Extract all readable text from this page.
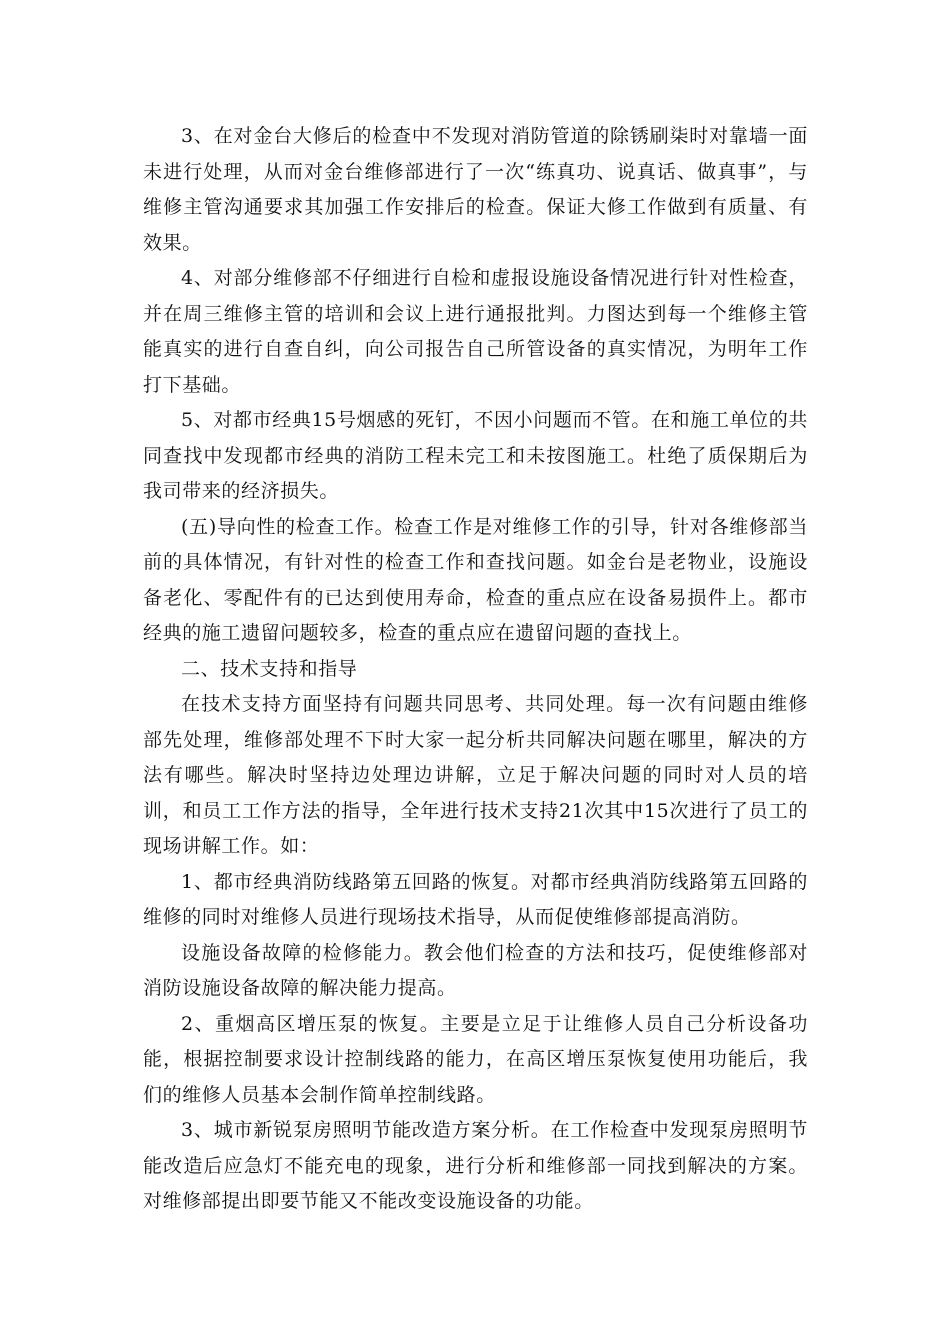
3、在对金台大修后的检查中不发现对消防管道的除锈刷柒时对靠墙一面未进行处理，从而对金台维修部进行了一次“练真功、说真话、做真事”，与维修主管沟通要求其加强工作安排后的检查。保证大修工作做到有质量、有效果。

4、对部分维修部不仔细进行自检和虚报设施设备情况进行针对性检查，并在周三维修主管的培训和会议上进行通报批判。力图达到每一个维修主管能真实的进行自查自纠，向公司报告自己所管设备的真实情况，为明年工作打下基础。

5、对都市经典15号烟感的死钉，不因小问题而不管。在和施工单位的共同查找中发现都市经典的消防工程未完工和未按图施工。杜绝了质保期后为我司带来的经济损失。

(五)导向性的检查工作。检查工作是对维修工作的引导，针对各维修部当前的具体情况，有针对性的检查工作和查找问题。如金台是老物业，设施设备老化、零配件有的已达到使用寿命，检查的重点应在设备易损件上。都市经典的施工遗留问题较多，检查的重点应在遗留问题的查找上。

二、技术支持和指导

在技术支持方面坚持有问题共同思考、共同处理。每一次有问题由维修部先处理，维修部处理不下时大家一起分析共同解决问题在哪里，解决的方法有哪些。解决时坚持边处理边讲解，立足于解决问题的同时对人员的培训，和员工工作方法的指导，全年进行技术支持21次其中15次进行了员工的现场讲解工作。如：

1、都市经典消防线路第五回路的恢复。对都市经典消防线路第五回路的维修的同时对维修人员进行现场技术指导，从而促使维修部提高消防。

设施设备故障的检修能力。教会他们检查的方法和技巧，促使维修部对消防设施设备故障的解决能力提高。

2、重烟高区增压泵的恢复。主要是立足于让维修人员自己分析设备功能，根据控制要求设计控制线路的能力，在高区增压泵恢复使用功能后，我们的维修人员基本会制作简单控制线路。

3、城市新锐泵房照明节能改造方案分析。在工作检查中发现泵房照明节能改造后应急灯不能充电的现象，进行分析和维修部一同找到解决的方案。对维修部提出即要节能又不能改变设施设备的功能。
